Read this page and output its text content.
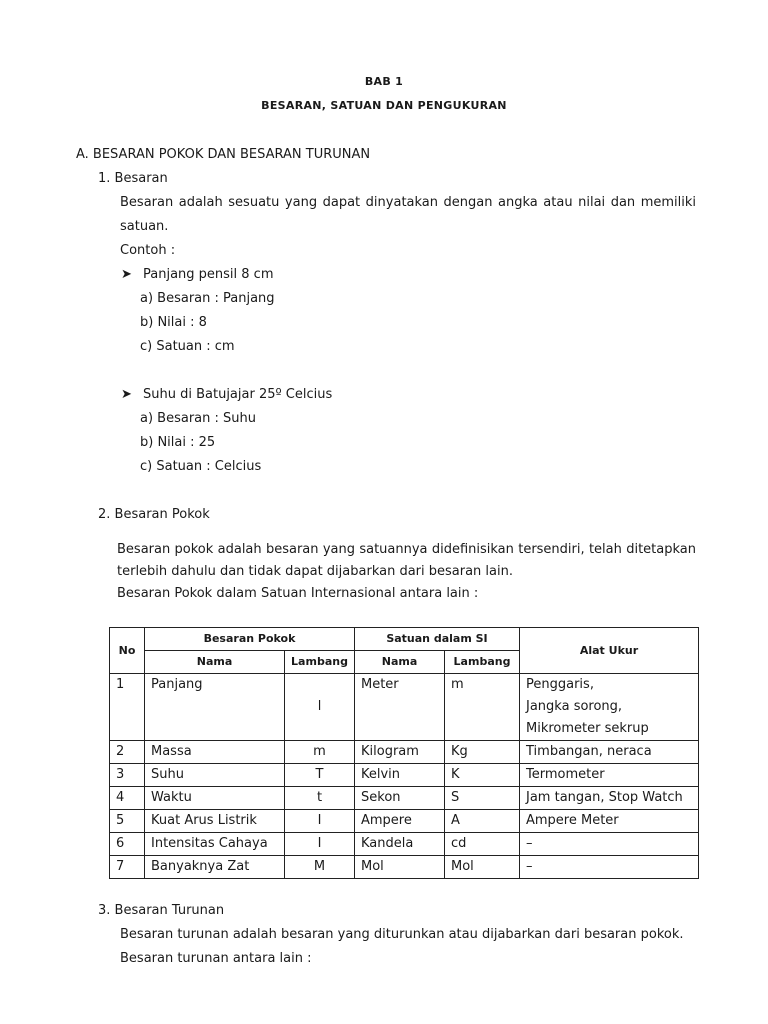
BAB 1
BESARAN, SATUAN DAN PENGUKURAN
A. BESARAN POKOK DAN BESARAN TURUNAN
1. Besaran
Besaran adalah sesuatu yang dapat dinyatakan dengan angka atau nilai dan memiliki
satuan.
Contoh :
➤ Panjang pensil 8 cm
a) Besaran : Panjang
b) Nilai : 8
c) Satuan : cm
➤ Suhu di Batujajar 25º Celcius
a) Besaran : Suhu
b) Nilai : 25
c) Satuan : Celcius
2. Besaran Pokok
Besaran pokok adalah besaran yang satuannya didefinisikan tersendiri, telah ditetapkan
terlebih dahulu dan tidak dapat dijabarkan dari besaran lain.
Besaran Pokok dalam Satuan Internasional antara lain :
No	Besaran Pokok		Satuan dalam SI		Alat Ukur
	Nama	Lambang	Nama	Lambang	
1	Panjang	l	Meter	m	Penggaris,
Jangka sorong,
Mikrometer sekrup

2	Massa	m	Kilogram	Kg	Timbangan, neraca
3	Suhu	T	Kelvin	K	Termometer
4	Waktu	t	Sekon	S	Jam tangan, Stop Watch
5	Kuat Arus Listrik	I	Ampere	A	Ampere Meter
6	Intensitas Cahaya	I	Kandela	cd	–
7	Banyaknya Zat	M	Mol	Mol	–
3. Besaran Turunan
Besaran turunan adalah besaran yang diturunkan atau dijabarkan dari besaran pokok.
Besaran turunan antara lain :
